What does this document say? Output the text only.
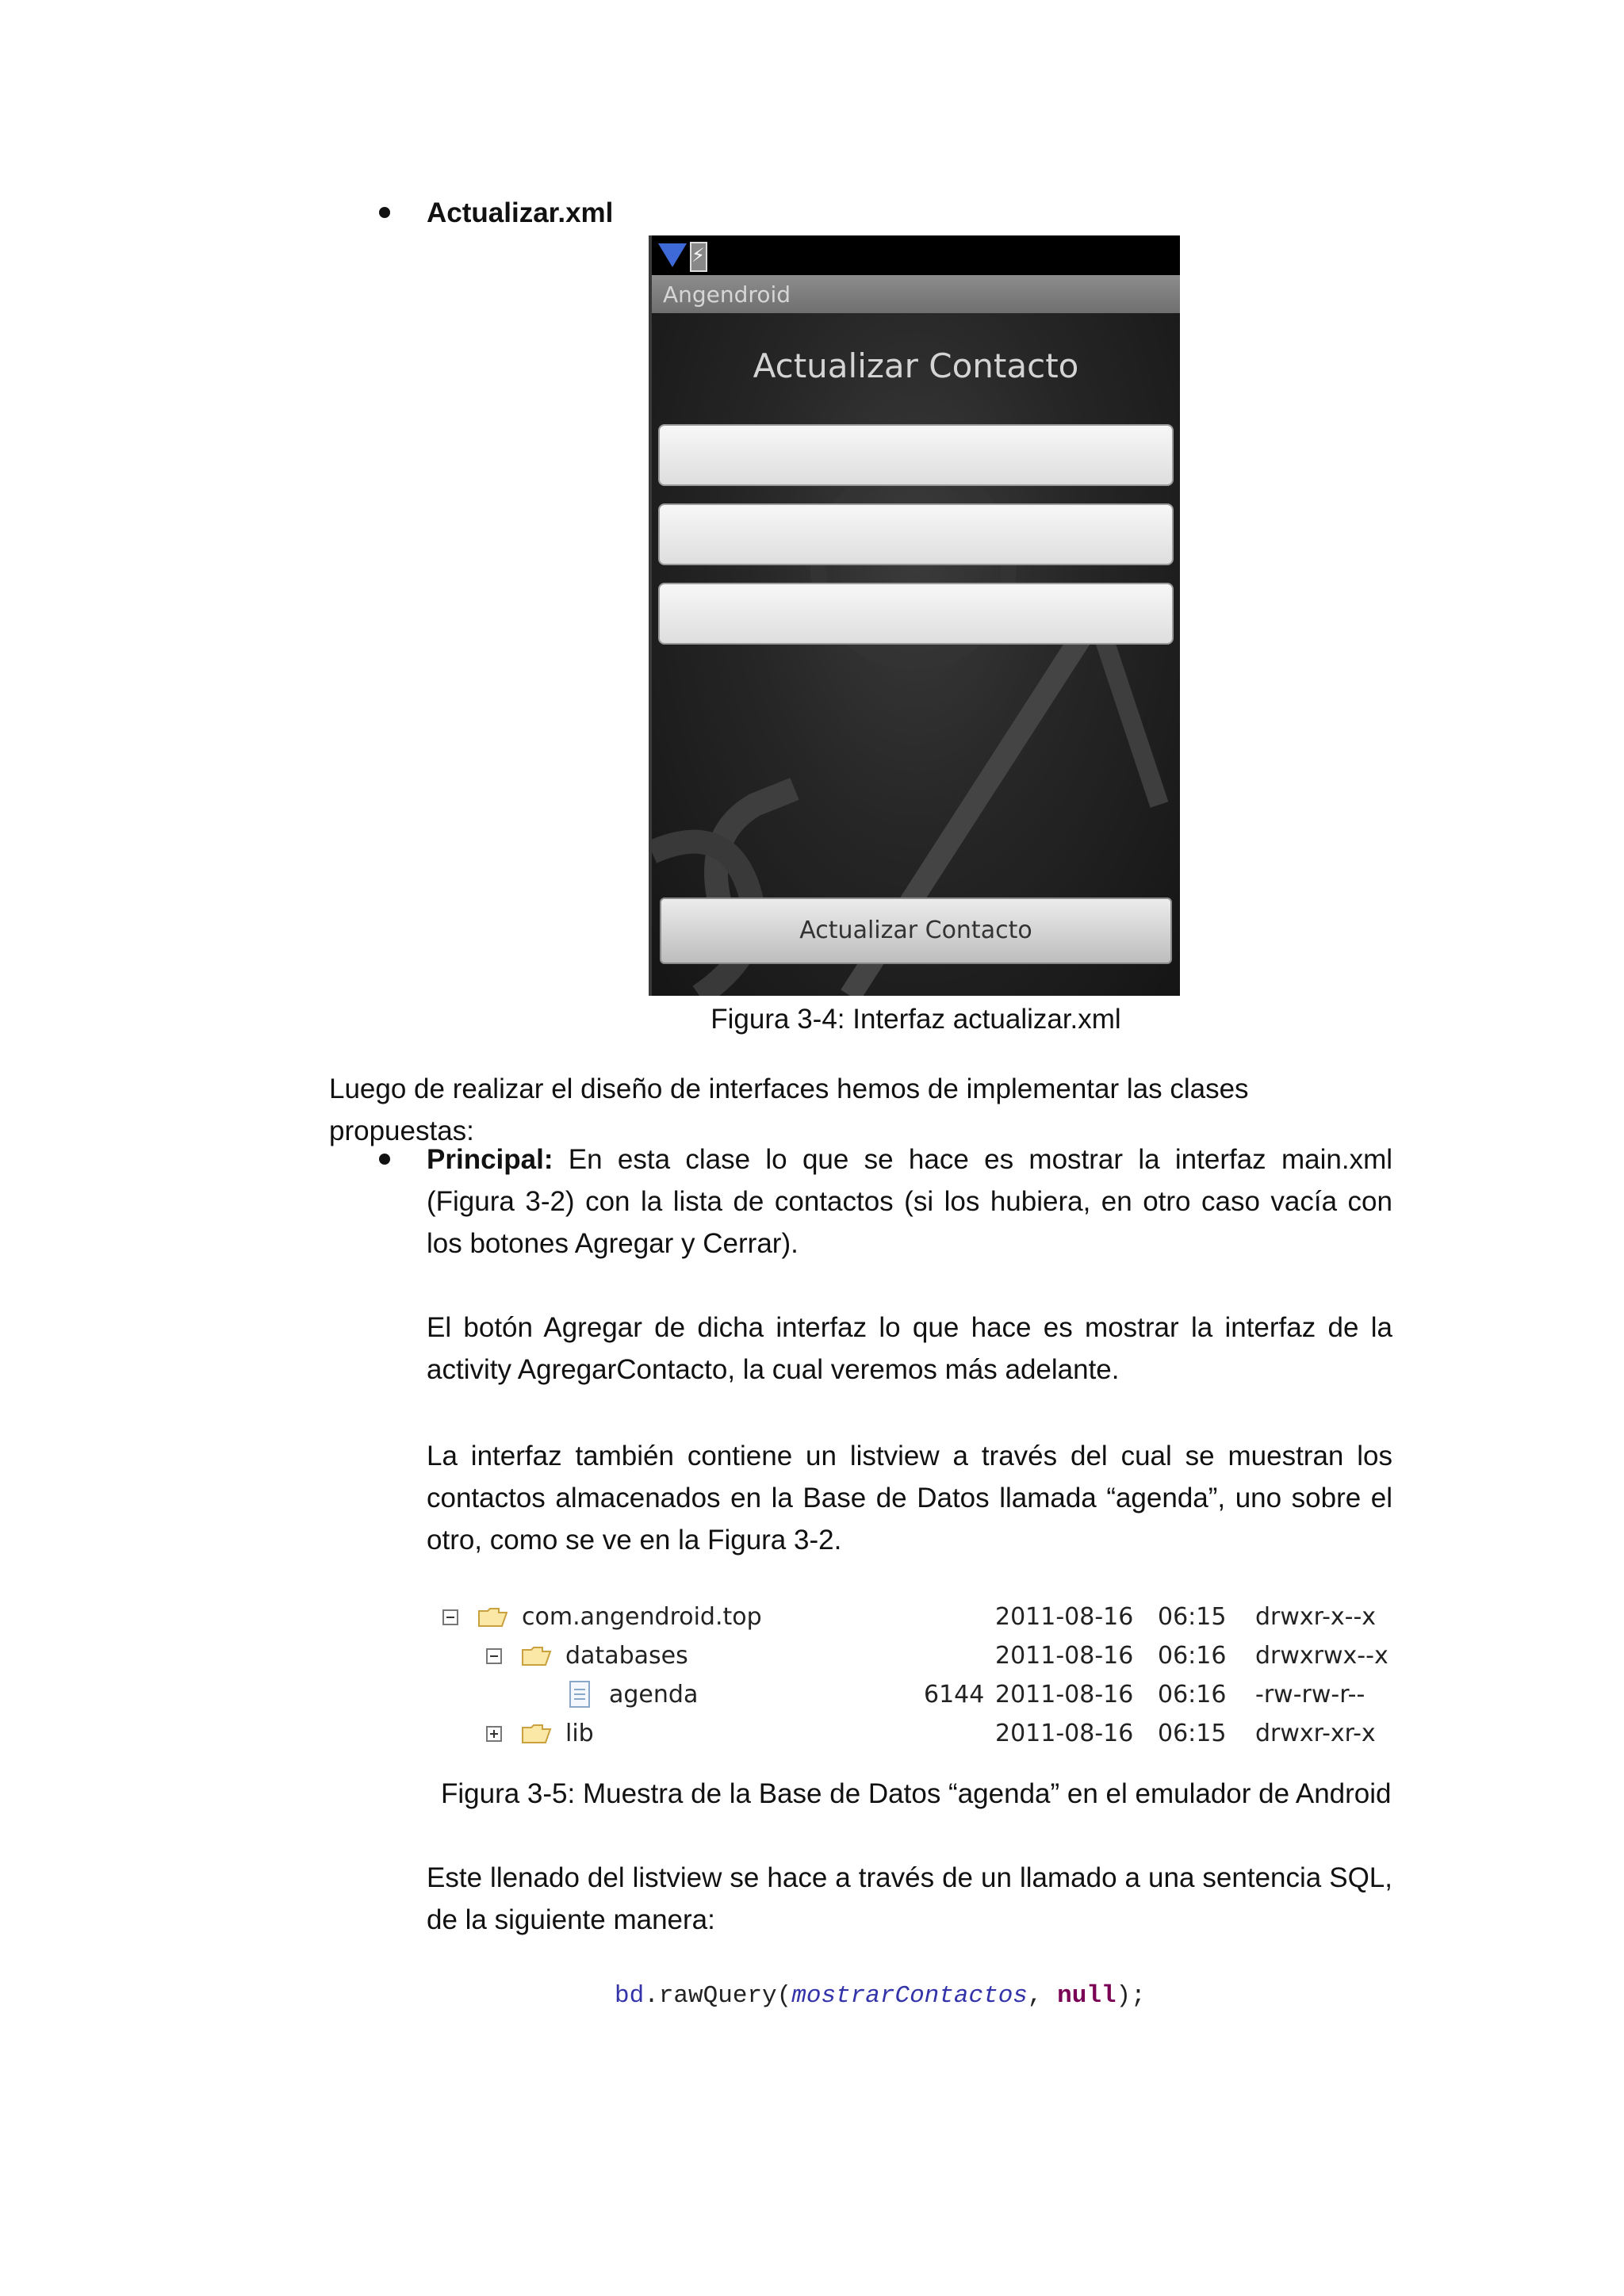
Actualizar.xml
⚡
Angendroid
Actualizar Contacto
Actualizar Contacto
Figura 3-4: Interfaz actualizar.xml
Luego de realizar el diseño de interfaces hemos de implementar las clases propuestas:
Principal: En esta clase lo que se hace es mostrar la interfaz main.xml (Figura 3-2) con la lista de contactos (si los hubiera, en otro caso vacía con los botones Agregar y Cerrar).
El botón Agregar de dicha interfaz lo que hace es mostrar la interfaz de la activity AgregarContacto, la cual veremos más adelante.
La interfaz también contiene un listview a través del cual se muestran los contactos almacenados en la Base de Datos llamada “agenda”, uno sobre el otro, como se ve en la Figura 3-2.
com.angendroid.top	2011-08-16 06:15 drwxr-x--x
databases	2011-08-16 06:16 drwxrwx--x
agenda	6144 2011-08-16 06:16 -rw-rw-r--
lib	2011-08-16 06:15 drwxr-xr-x
Figura 3-5: Muestra de la Base de Datos “agenda” en el emulador de Android
Este llenado del listview se hace a través de un llamado a una sentencia SQL, de la siguiente manera:
bd.rawQuery(mostrarContactos, null);
